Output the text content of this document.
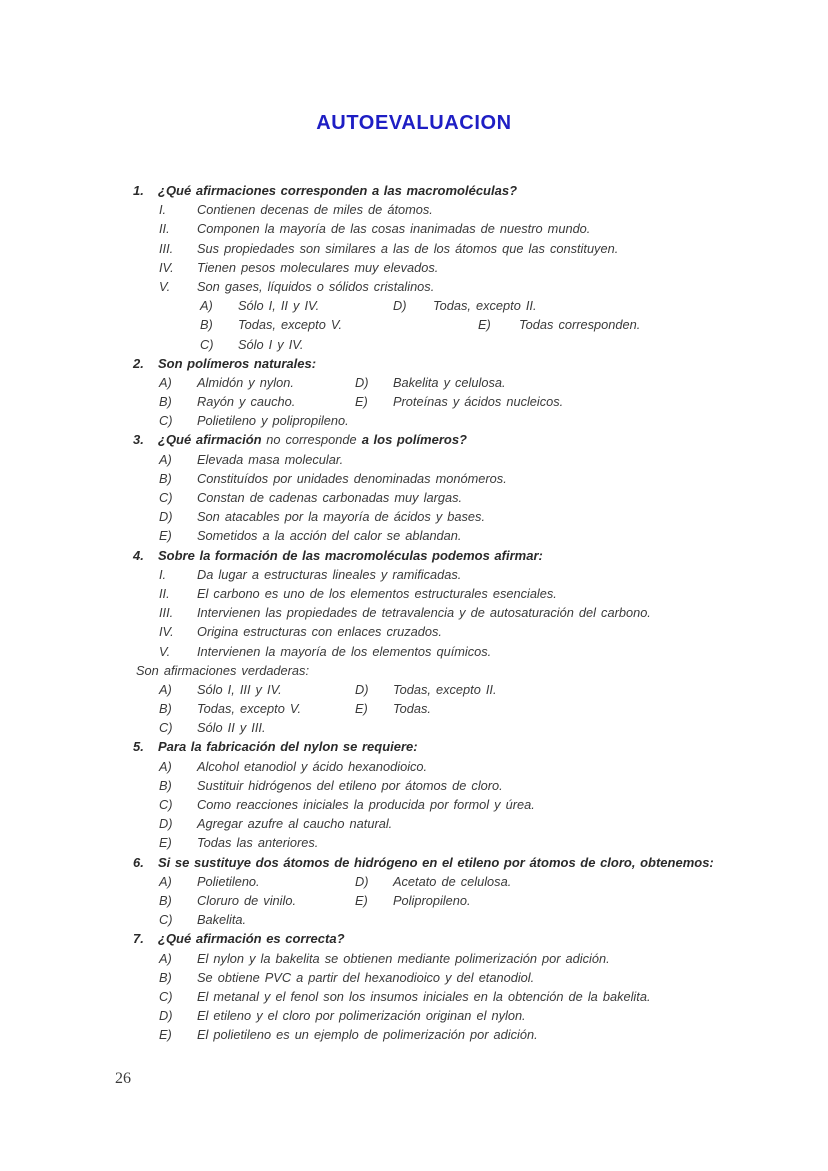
AUTOEVALUACION
1. ¿Qué afirmaciones corresponden a las macromoléculas?
I. Contienen decenas de miles de átomos.
II. Componen la mayoría de las cosas inanimadas de nuestro mundo.
III. Sus propiedades son similares a las de los átomos que las constituyen.
IV. Tienen pesos moleculares muy elevados.
V. Son gases, líquidos o sólidos cristalinos.
A) Sólo I, II y IV.	D) Todas, excepto II.
B) Todas, excepto V.	E) Todas corresponden.
C) Sólo I y IV.
2. Son polímeros naturales:
A) Almidón y nylon.	D) Bakelita y celulosa.
B) Rayón y caucho.	E) Proteínas y ácidos nucleicos.
C) Polietileno y polipropileno.
3. ¿Qué afirmación no corresponde a los polímeros?
A) Elevada masa molecular.
B) Constituídos por unidades denominadas monómeros.
C) Constan de cadenas carbonadas muy largas.
D) Son atacables por la mayoría de ácidos y bases.
E) Sometidos a la acción del calor se ablandan.
4. Sobre la formación de las macromoléculas podemos afirmar:
I. Da lugar a estructuras lineales y ramificadas.
II. El carbono es uno de los elementos estructurales esenciales.
III. Intervienen las propiedades de tetravalencia y de autosaturación del carbono.
IV. Origina estructuras con enlaces cruzados.
V. Intervienen la mayoría de los elementos químicos.
Son afirmaciones verdaderas:
A) Sólo I, III y IV.	D) Todas, excepto II.
B) Todas, excepto V.	E) Todas.
C) Sólo II y III.
5. Para la fabricación del nylon se requiere:
A) Alcohol etanodiol y ácido hexanodioico.
B) Sustituir hidrógenos del etileno por átomos de cloro.
C) Como reacciones iniciales la producida por formol y úrea.
D) Agregar azufre al caucho natural.
E) Todas las anteriores.
6. Si se sustituye dos átomos de hidrógeno en el etileno por átomos de cloro, obtenemos:
A) Polietileno.	D) Acetato de celulosa.
B) Cloruro de vinilo.	E) Polipropileno.
C) Bakelita.
7. ¿Qué afirmación es correcta?
A) El nylon y la bakelita se obtienen mediante polimerización por adición.
B) Se obtiene PVC a partir del hexanodioico y del etanodiol.
C) El metanal y el fenol son los insumos iniciales en la obtención de la bakelita.
D) El etileno y el cloro por polimerización originan el nylon.
E) El polietileno es un ejemplo de polimerización por adición.
26
